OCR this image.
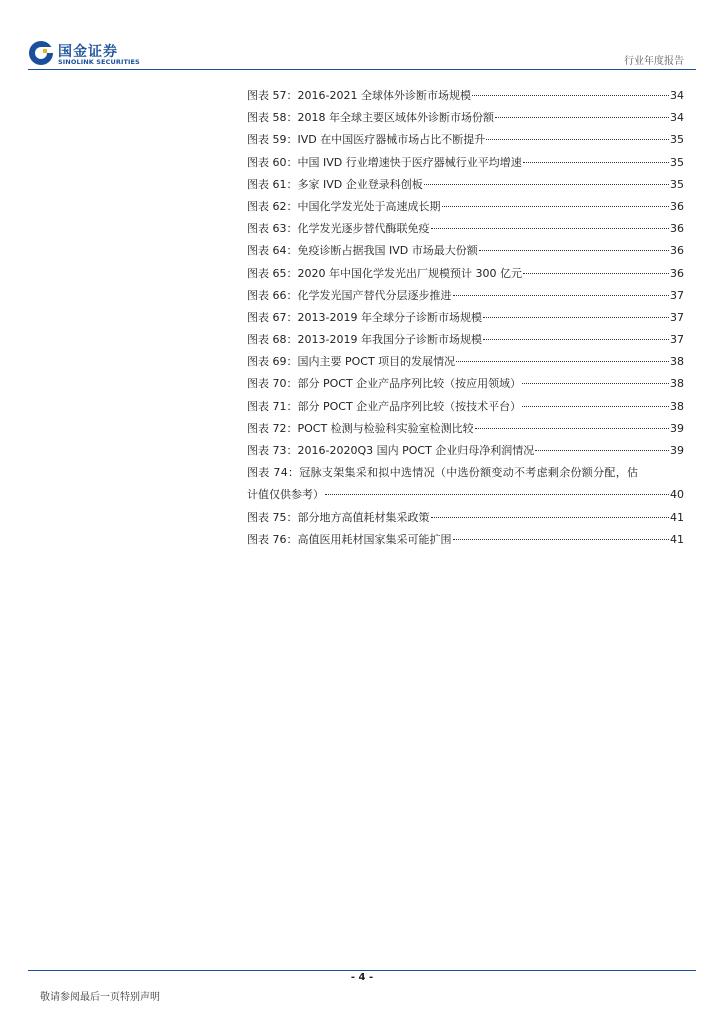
国金证券
SINOLINK SECURITIES	行业年度报告
图表 57：2016-2021 全球体外诊断市场规模	34
图表 58：2018 年全球主要区域体外诊断市场份额	34
图表 59：IVD 在中国医疗器械市场占比不断提升	35
图表 60：中国 IVD 行业增速快于医疗器械行业平均增速	35
图表 61：多家 IVD 企业登录科创板	35
图表 62：中国化学发光处于高速成长期	36
图表 63：化学发光逐步替代酶联免疫	36
图表 64：免疫诊断占据我国 IVD 市场最大份额	36
图表 65：2020 年中国化学发光出厂规模预计 300 亿元	36
图表 66：化学发光国产替代分层逐步推进	37
图表 67：2013-2019 年全球分子诊断市场规模	37
图表 68：2013-2019 年我国分子诊断市场规模	37
图表 69：国内主要 POCT 项目的发展情况	38
图表 70：部分 POCT 企业产品序列比较（按应用领域）	38
图表 71：部分 POCT 企业产品序列比较（按技术平台）	38
图表 72：POCT 检测与检验科实验室检测比较	39
图表 73：2016-2020Q3 国内 POCT 企业归母净利润情况	39
图表 74：冠脉支架集采和拟中选情况（中选份额变动不考虑剩余份额分配，估
计值仅供参考）	40
图表 75：部分地方高值耗材集采政策	41
图表 76：高值医用耗材国家集采可能扩围	41
- 4 -
敬请参阅最后一页特别声明
